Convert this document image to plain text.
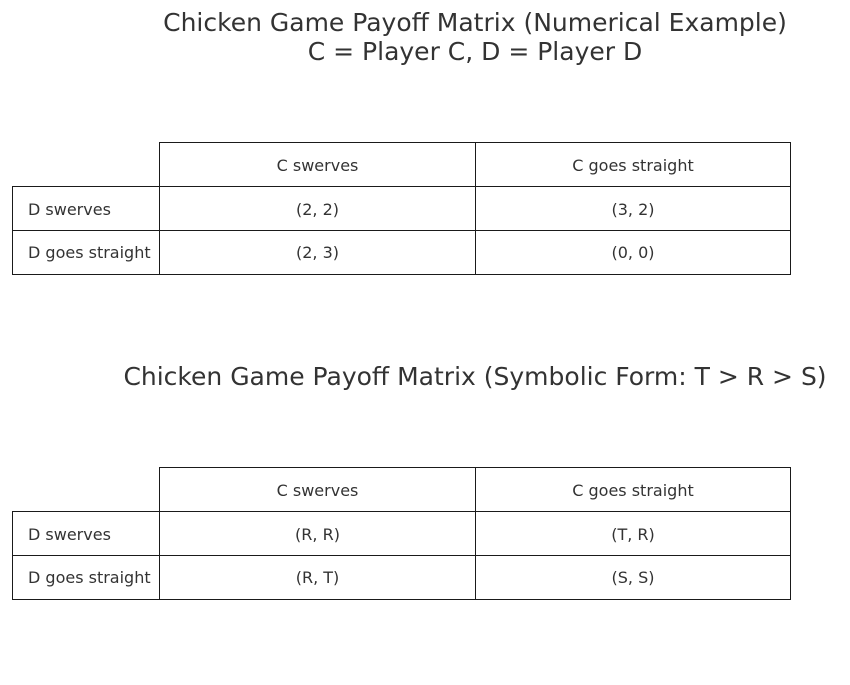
Chicken Game Payoff Matrix (Numerical Example)
C = Player C, D = Player D
C swerves	C goes straight
D swerves	(2, 2)	(3, 2)
D goes straight	(2, 3)	(0, 0)
Chicken Game Payoff Matrix (Symbolic Form: T > R > S)
C swerves	C goes straight
D swerves	(R, R)	(T, R)
D goes straight	(R, T)	(S, S)
